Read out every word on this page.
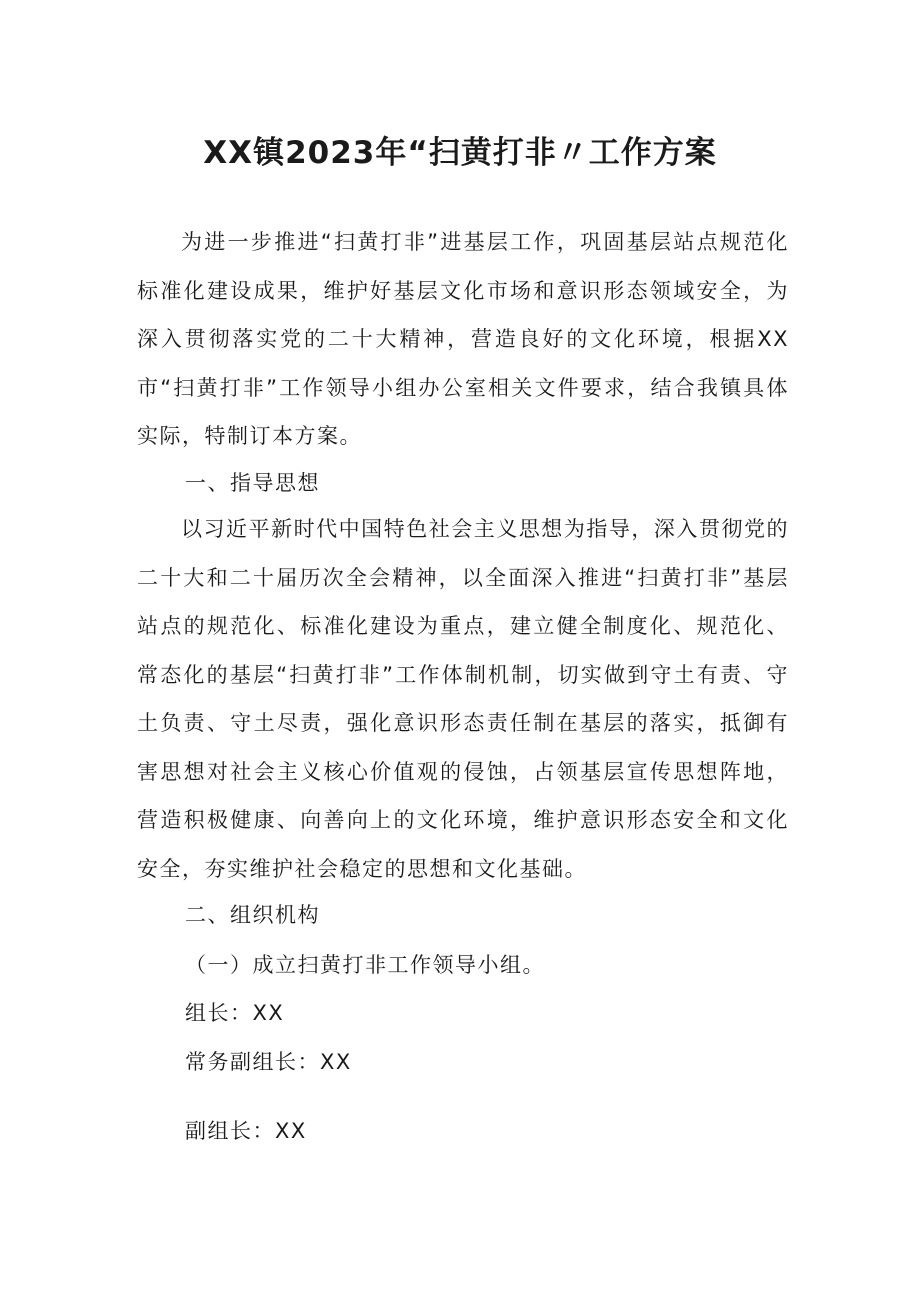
XX镇2023年“扫黄打非〃工作方案

为进一步推进“扫黄打非”进基层工作，巩固基层站点规范化标准化建设成果，维护好基层文化市场和意识形态领域安全，为深入贯彻落实党的二十大精神，营造良好的文化环境，根据XX市“扫黄打非”工作领导小组办公室相关文件要求，结合我镇具体实际，特制订本方案。

一、指导思想

以习近平新时代中国特色社会主义思想为指导，深入贯彻党的二十大和二十届历次全会精神，以全面深入推进“扫黄打非”基层站点的规范化、标准化建设为重点，建立健全制度化、规范化、常态化的基层“扫黄打非”工作体制机制，切实做到守土有责、守土负责、守土尽责，强化意识形态责任制在基层的落实，抵御有害思想对社会主义核心价值观的侵蚀，占领基层宣传思想阵地，营造积极健康、向善向上的文化环境，维护意识形态安全和文化安全，夯实维护社会稳定的思想和文化基础。

二、组织机构

（一）成立扫黄打非工作领导小组。

组长：XX

常务副组长：XX

副组长：XX
